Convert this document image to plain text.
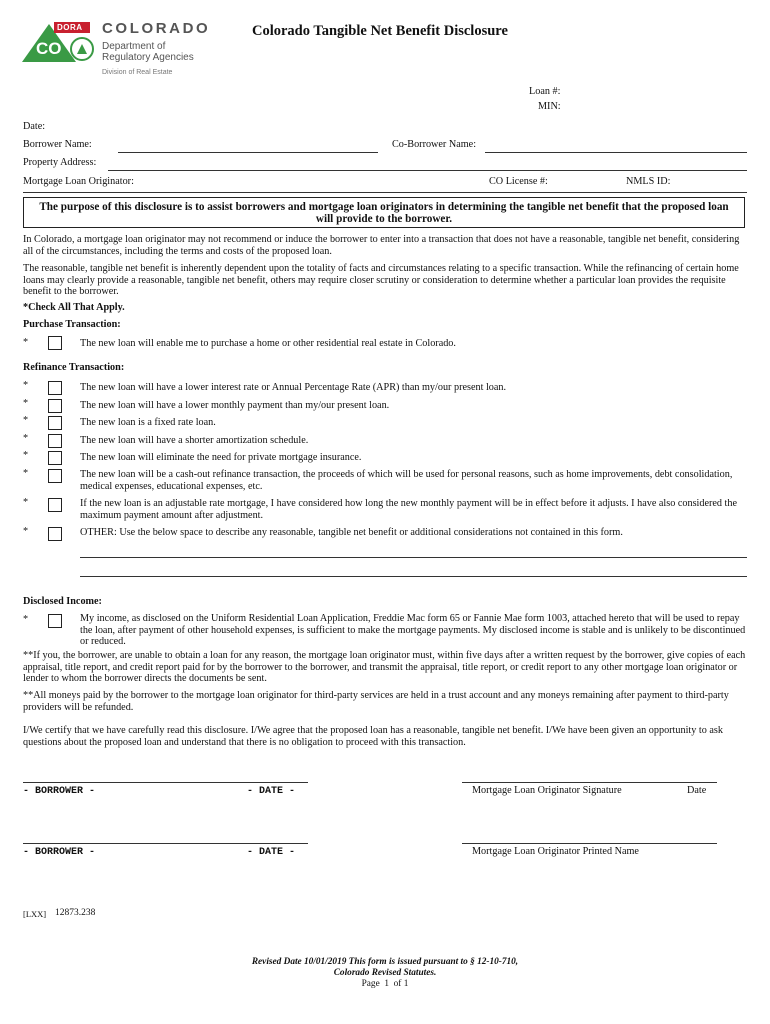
DORA
CO
COLORADO
Department of
Regulatory Agencies
Division of Real Estate
Colorado Tangible Net Benefit Disclosure
Loan #:
MIN:
Date:
Borrower Name:	Co-Borrower Name:
Property Address:
Mortgage Loan Originator:	CO License #:	NMLS ID:
The purpose of this disclosure is to assist borrowers and mortgage loan originators in determining the tangible net benefit that the proposed loan will provide to the borrower.
In Colorado, a mortgage loan originator may not recommend or induce the borrower to enter into a transaction that does not have a reasonable, tangible net benefit, considering all of the circumstances, including the terms and costs of the proposed loan.
The reasonable, tangible net benefit is inherently dependent upon the totality of facts and circumstances relating to a specific transaction. While the refinancing of certain home loans may clearly provide a reasonable, tangible net benefit, others may require closer scrutiny or consideration to determine whether a particular loan provides the requisite benefit to the borrower.
*Check All That Apply.
Purchase Transaction:
*	The new loan will enable me to purchase a home or other residential real estate in Colorado.
Refinance Transaction:
*	The new loan will have a lower interest rate or Annual Percentage Rate (APR) than my/our present loan.
*	The new loan will have a lower monthly payment than my/our present loan.
*	The new loan is a fixed rate loan.
*	The new loan will have a shorter amortization schedule.
*	The new loan will eliminate the need for private mortgage insurance.
*	The new loan will be a cash-out refinance transaction, the proceeds of which will be used for personal reasons, such as home improvements, debt consolidation, medical expenses, educational expenses, etc.
*	If the new loan is an adjustable rate mortgage, I have considered how long the new monthly payment will be in effect before it adjusts. I have also considered the maximum payment amount after adjustment.
*	OTHER: Use the below space to describe any reasonable, tangible net benefit or additional considerations not contained in this form.
Disclosed Income:
*	My income, as disclosed on the Uniform Residential Loan Application, Freddie Mac form 65 or Fannie Mae form 1003, attached hereto that will be used to repay the loan, after payment of other household expenses, is sufficient to make the mortgage payments. My disclosed income is stable and is unlikely to be discontinued or reduced.
**If you, the borrower, are unable to obtain a loan for any reason, the mortgage loan originator must, within five days after a written request by the borrower, give copies of each appraisal, title report, and credit report paid for by the borrower to the borrower, and transmit the appraisal, title report, or credit report to any other mortgage loan originator or lender to whom the borrower directs the documents be sent.
**All moneys paid by the borrower to the mortgage loan originator for third-party services are held in a trust account and any moneys remaining after payment to third-party providers will be refunded.
I/We certify that we have carefully read this disclosure. I/We agree that the proposed loan has a reasonable, tangible net benefit. I/We have been given an opportunity to ask questions about the proposed loan and understand that there is no obligation to proceed with this transaction.
- BORROWER -	- DATE -	Mortgage Loan Originator Signature	Date
- BORROWER -	- DATE -	Mortgage Loan Originator Printed Name
[LXX] 12873.238
Revised Date 10/01/2019 This form is issued pursuant to § 12-10-710,
Colorado Revised Statutes.
Page  1  of 1
